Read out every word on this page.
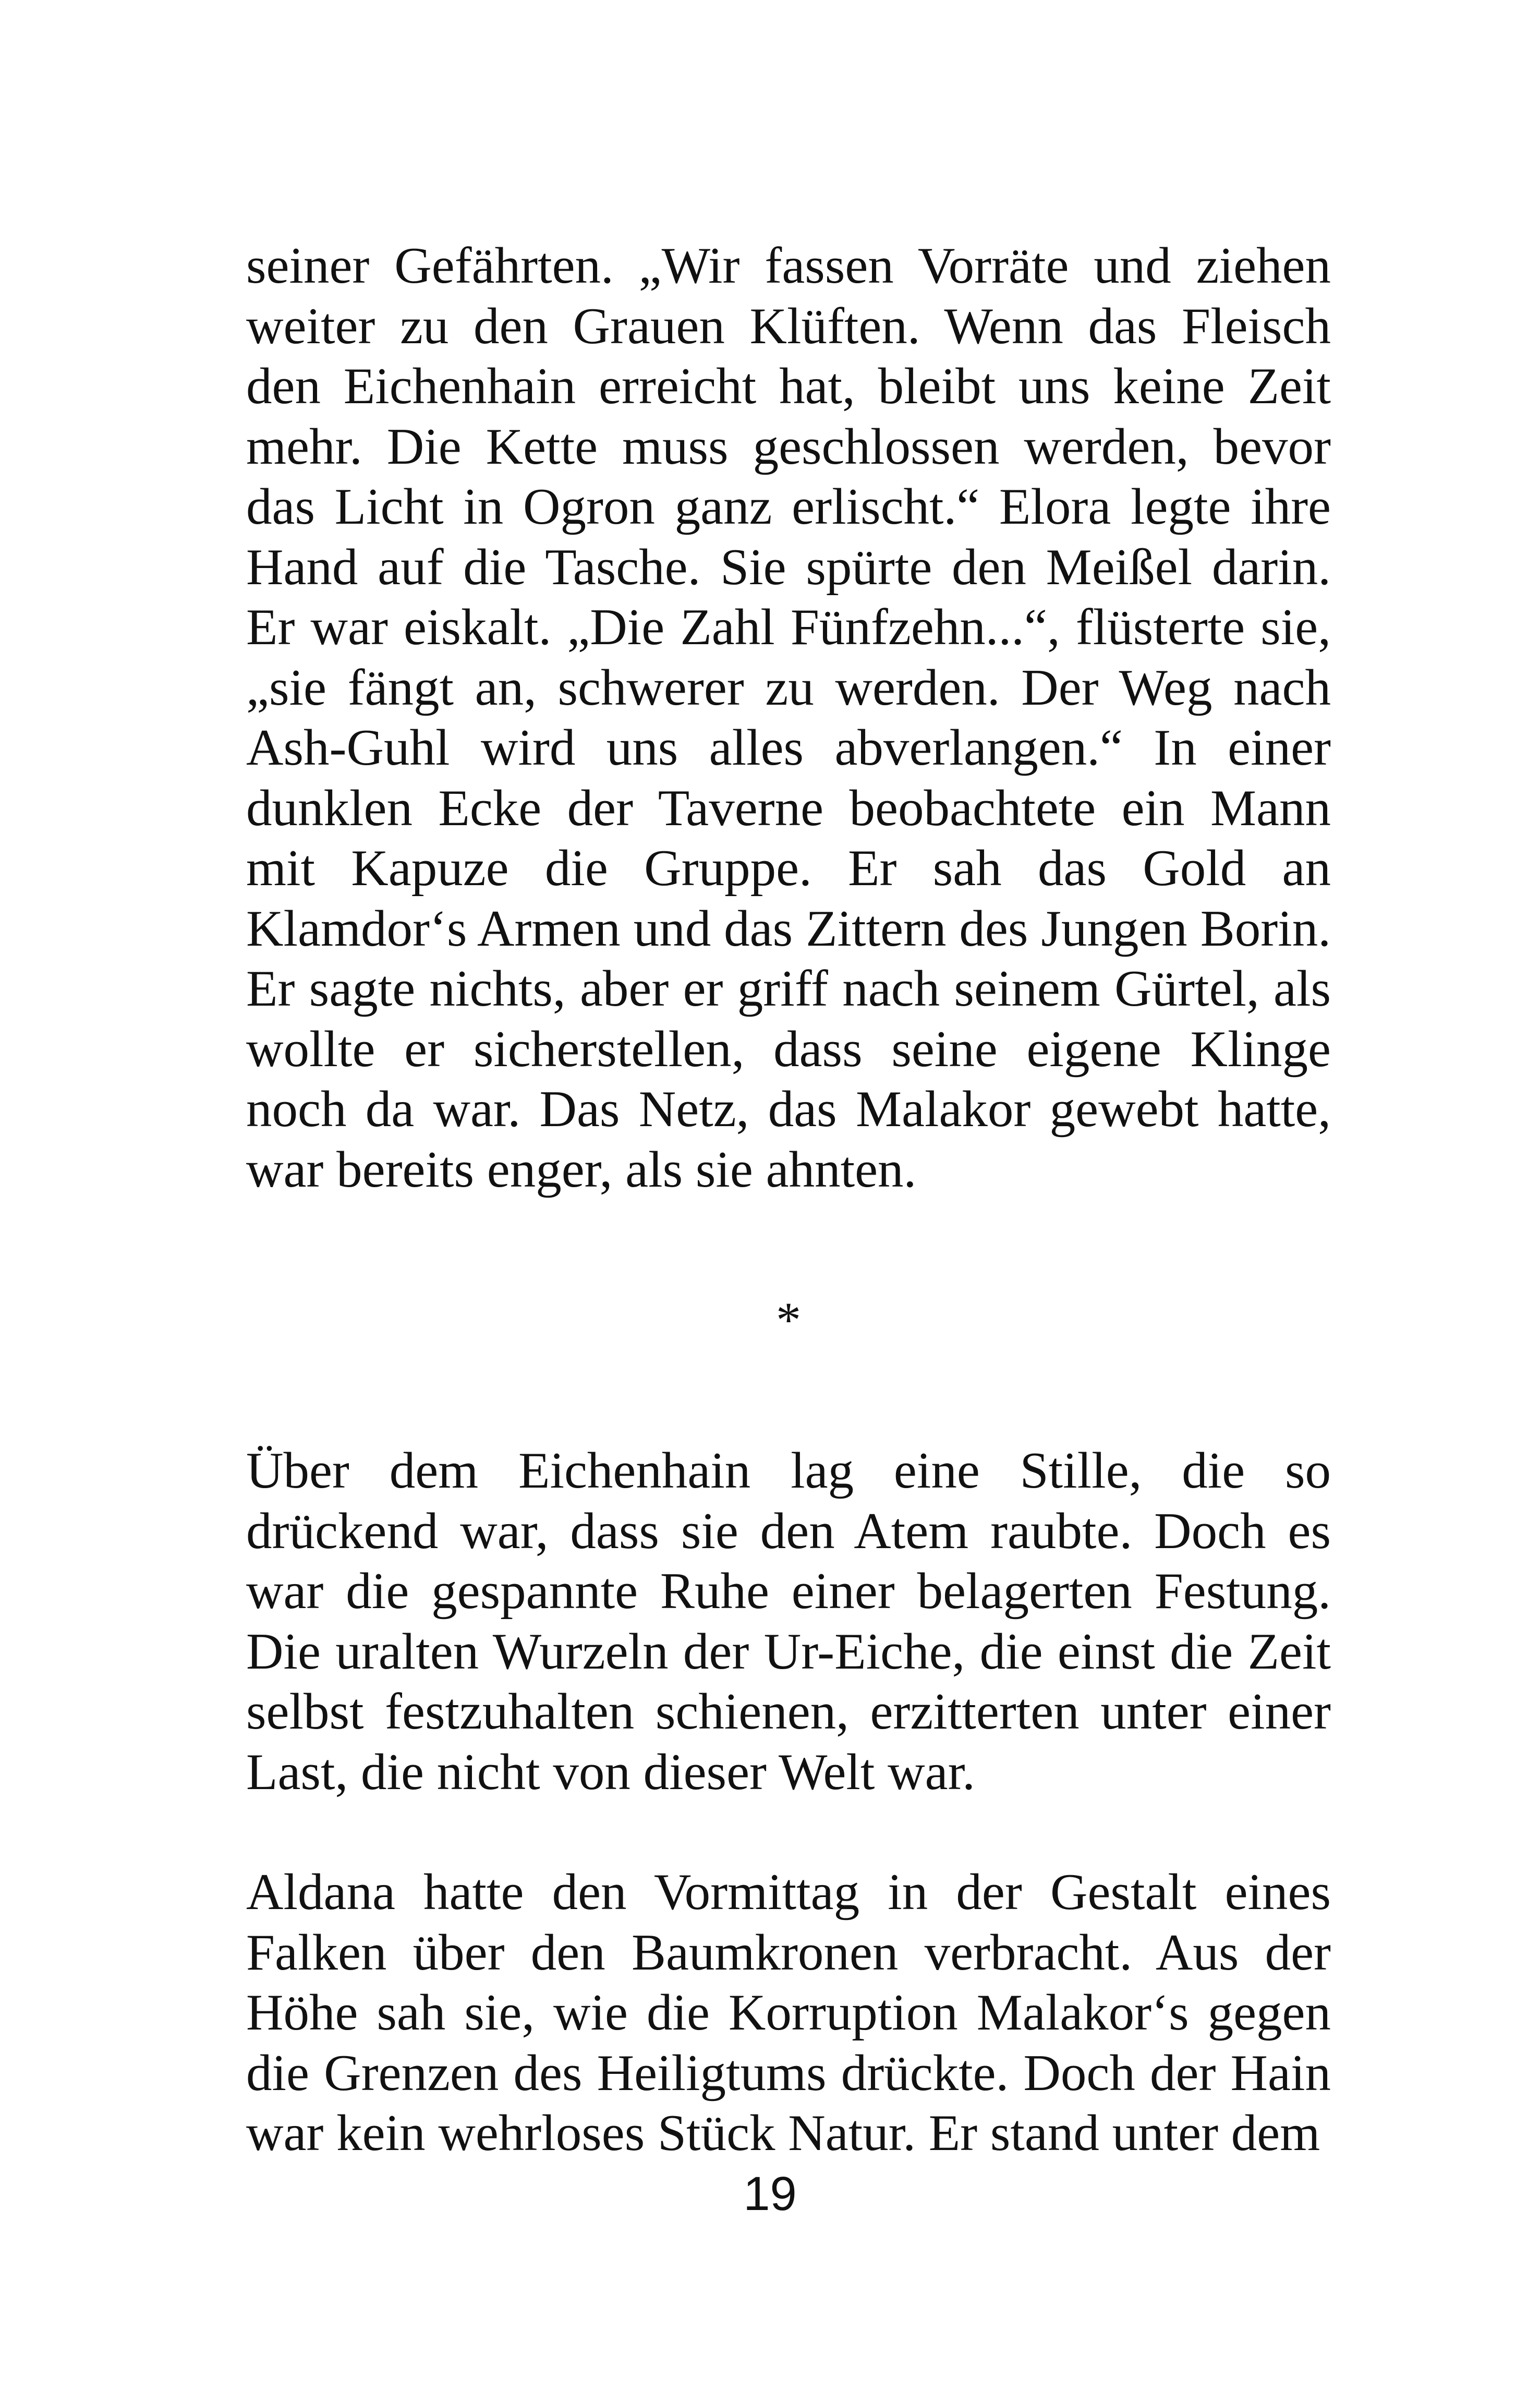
seiner Gefährten. „Wir fassen Vorräte und ziehen weiter zu den Grauen Klüften. Wenn das Fleisch den Eichenhain erreicht hat, bleibt uns keine Zeit mehr. Die Kette muss geschlossen werden, bevor das Licht in Ogron ganz erlischt.“ Elora legte ihre Hand auf die Tasche. Sie spürte den Meißel darin. Er war eiskalt. „Die Zahl Fünfzehn...“, flüsterte sie, „sie fängt an, schwerer zu werden. Der Weg nach Ash-Guhl wird uns alles abverlangen.“ In einer dunklen Ecke der Taverne beobachtete ein Mann mit Kapuze die Gruppe. Er sah das Gold an Klamdor‘s Armen und das Zittern des Jungen Borin. Er sagte nichts, aber er griff nach seinem Gürtel, als wollte er sicherstellen, dass seine eigene Klinge noch da war. Das Netz, das Malakor gewebt hatte, war bereits enger, als sie ahnten.

*

Über dem Eichenhain lag eine Stille, die so drückend war, dass sie den Atem raubte. Doch es war die gespannte Ruhe einer belagerten Festung. Die uralten Wurzeln der Ur-Eiche, die einst die Zeit selbst festzuhalten schienen, erzitterten unter einer Last, die nicht von dieser Welt war.

Aldana hatte den Vormittag in der Gestalt eines Falken über den Baumkronen verbracht. Aus der Höhe sah sie, wie die Korruption Malakor‘s gegen die Grenzen des Heiligtums drückte. Doch der Hain war kein wehrloses Stück Natur. Er stand unter dem

19
